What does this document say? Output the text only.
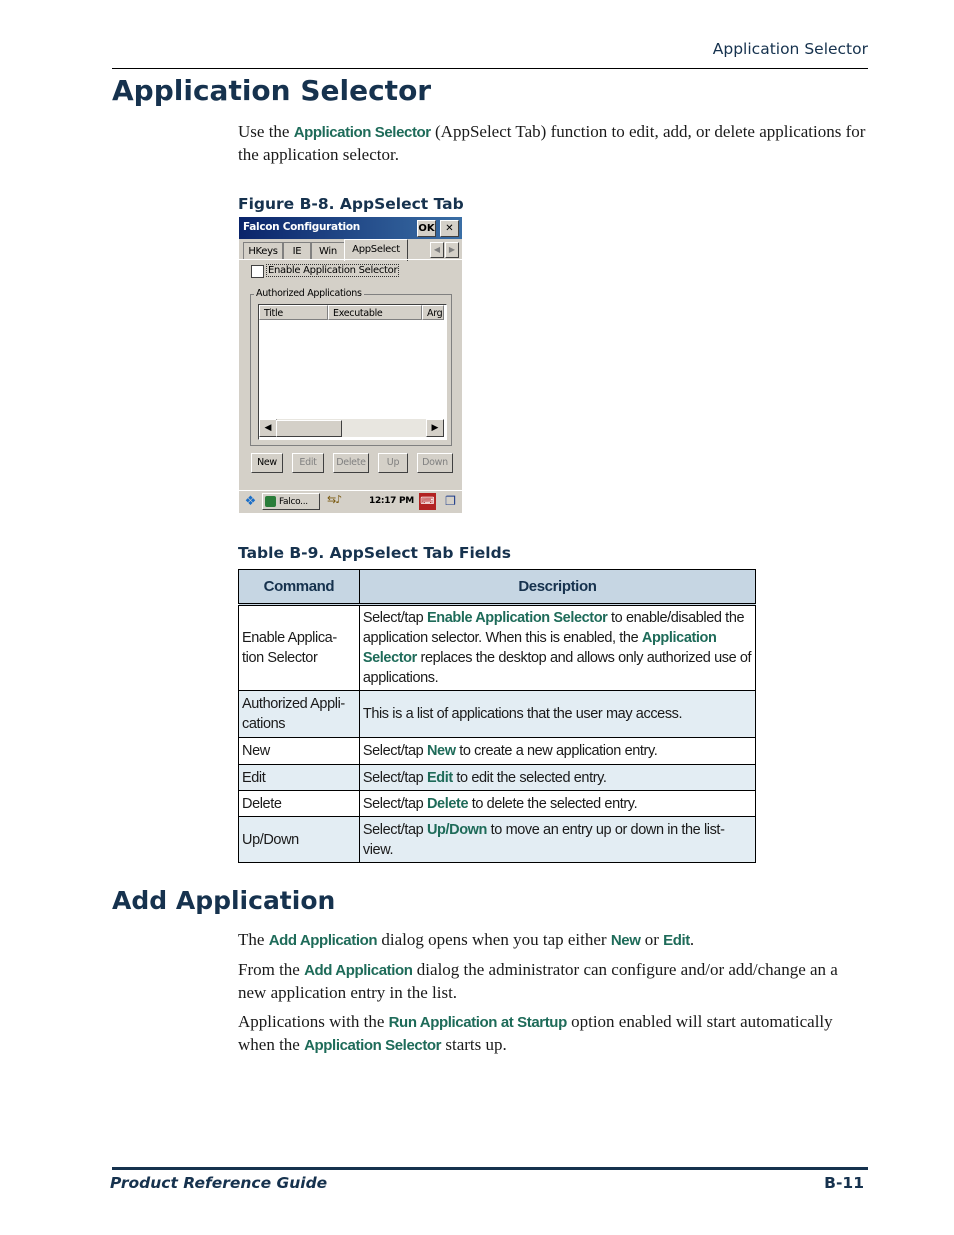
Application Selector
Application Selector

Use the Application Selector (AppSelect Tab) function to edit, add, or delete applications for the application selector.

Figure B-8. AppSelect Tab
Falcon Configuration	OK	✕
HKeys	IE	Win	AppSelect	◀	▶
Enable Application Selector
Authorized Applications
Title	Executable	Arg
◀	▶
New	Edit	Delete	Up	Down
❖	Falco...	⇆♪	12:17 PM ⌨ ❐
Table B-9. AppSelect Tab Fields
Command	Description
Enable Applica-tion Selector	Select/tap Enable Application Selector to enable/disabled the application selector. When this is enabled, the Application Selector replaces the desktop and allows only authorized use of applications.
Authorized Appli-cations	This is a list of applications that the user may access.
New	Select/tap New to create a new application entry.
Edit	Select/tap Edit to edit the selected entry.
Delete	Select/tap Delete to delete the selected entry.
Up/Down	Select/tap Up/Down to move an entry up or down in the list-view.
Add Application

The Add Application dialog opens when you tap either New or Edit.

From the Add Application dialog the administrator can configure and/or add/change an a new application entry in the list.

Applications with the Run Application at Startup option enabled will start automatically when the Application Selector starts up.

Product Reference Guide	B-11
